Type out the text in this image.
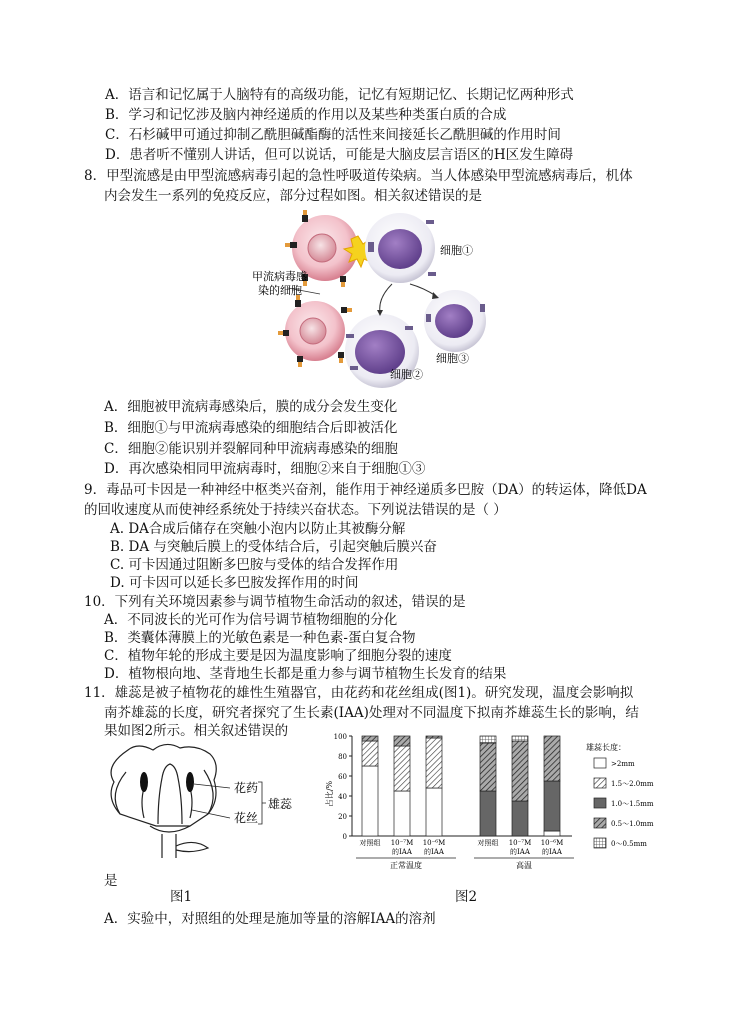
A．语言和记忆属于人脑特有的高级功能，记忆有短期记忆、长期记忆两种形式
B．学习和记忆涉及脑内神经递质的作用以及某些种类蛋白质的合成
C．石杉碱甲可通过抑制乙酰胆碱酯酶的活性来间接延长乙酰胆碱的作用时间
D．患者听不懂别人讲话，但可以说话，可能是大脑皮层言语区的H区发生障碍
8．甲型流感是由甲型流感病毒引起的急性呼吸道传染病。当人体感染甲型流感病毒后，机体
内会发生一系列的免疫反应，部分过程如图。相关叙述错误的是
甲流病毒感
染的细胞
细胞①
细胞②
细胞③
A．细胞被甲流病毒感染后，膜的成分会发生变化
B．细胞①与甲流病毒感染的细胞结合后即被活化
C．细胞②能识别并裂解同种甲流病毒感染的细胞
D．再次感染相同甲流病毒时，细胞②来自于细胞①③
9．毒品可卡因是一种神经中枢类兴奋剂，能作用于神经递质多巴胺（DA）的转运体，降低DA
的回收速度从而使神经系统处于持续兴奋状态。下列说法错误的是（ ）
A. DA合成后储存在突触小泡内以防止其被酶分解
B. DA 与突触后膜上的受体结合后，引起突触后膜兴奋
C. 可卡因通过阻断多巴胺与受体的结合发挥作用
D. 可卡因可以延长多巴胺发挥作用的时间
10．下列有关环境因素参与调节植物生命活动的叙述，错误的是
A．不同波长的光可作为信号调节植物细胞的分化
B．类囊体薄膜上的光敏色素是一种色素-蛋白复合物
C．植物年轮的形成主要是因为温度影响了细胞分裂的速度
D．植物根向地、茎背地生长都是重力参与调节植物生长发育的结果
11．雄蕊是被子植物花的雄性生殖器官，由花药和花丝组成(图1)。研究发现，温度会影响拟
南芥雄蕊的长度，研究者探究了生长素(IAA)处理对不同温度下拟南芥雄蕊生长的影响，结
果如图2所示。相关叙述错误的
是
花药
花丝
雄蕊
图1
0
20
40
60
80
100
占比/%
对照组 10⁻⁷M
的IAA
10⁻⁶M
的IAA
正常温度
对照组 10⁻⁷M
的IAA
10⁻⁶M
的IAA
高温
雄蕊长度：
>2mm
1.5～2.0mm
1.0～1.5mm
0.5～1.0mm
0～0.5mm
图2
A．实验中，对照组的处理是施加等量的溶解IAA的溶剂
